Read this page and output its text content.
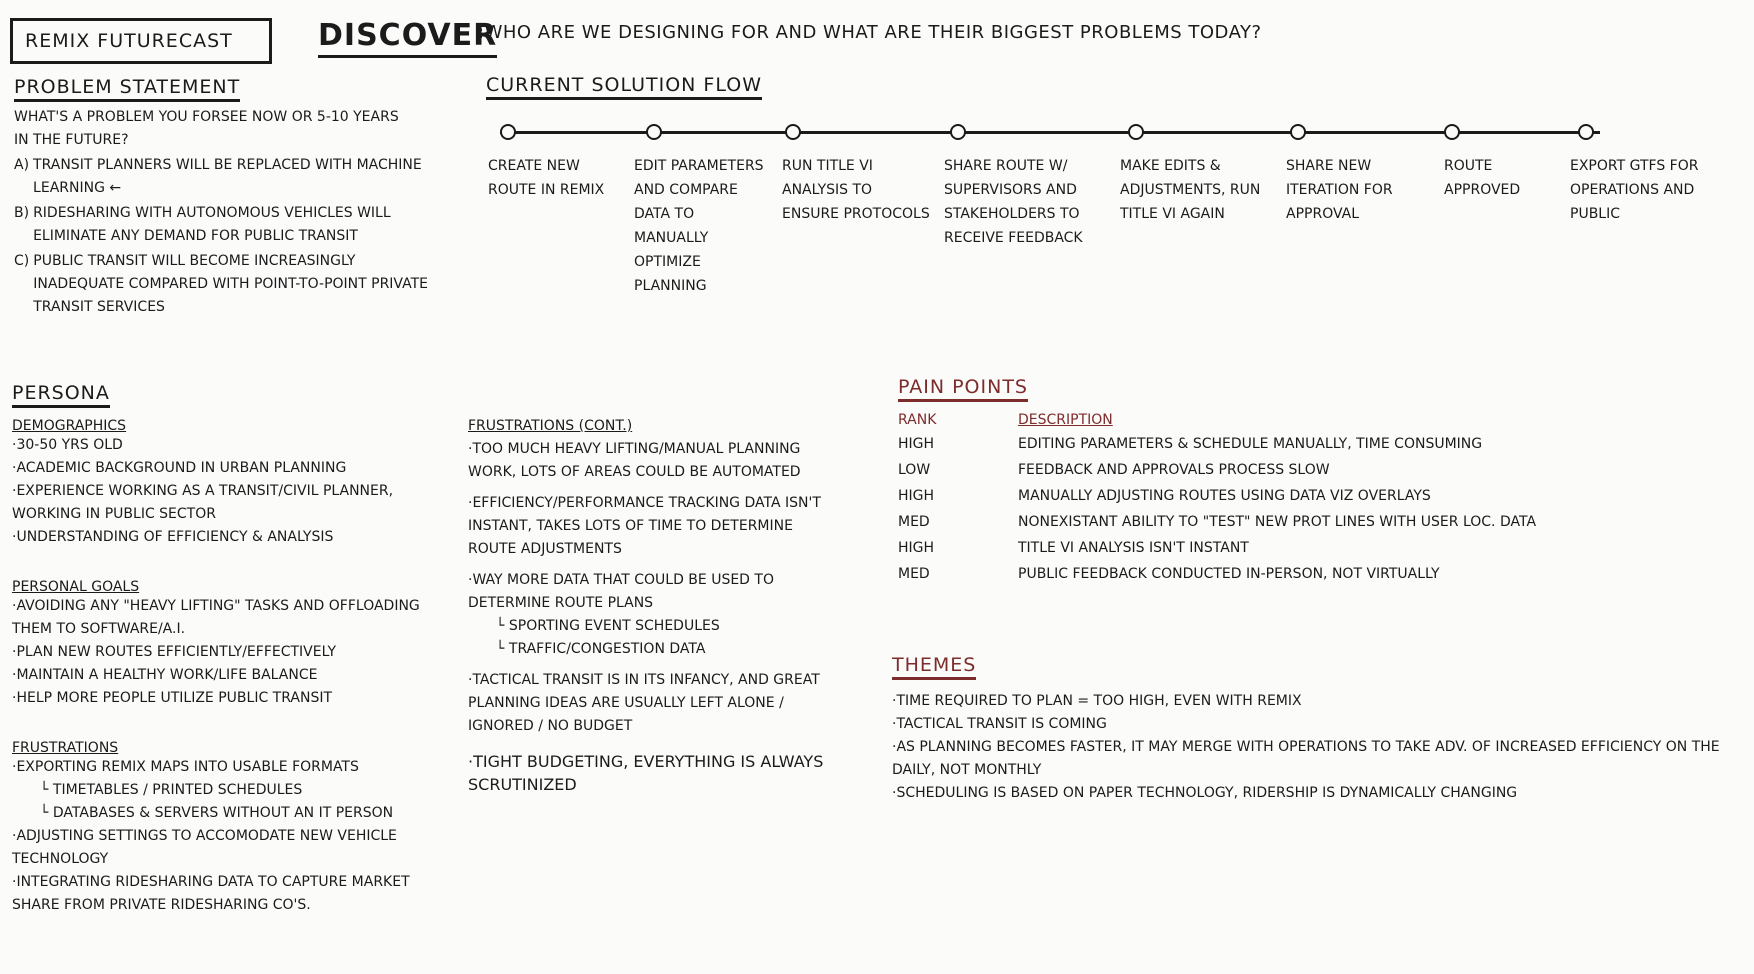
REMIX FUTURECAST	DISCOVER
:WHO ARE WE DESIGNING FOR AND WHAT ARE THEIR BIGGEST PROBLEMS TODAY?
PROBLEM STATEMENT
WHAT'S A PROBLEM YOU FORSEE NOW OR 5-10 YEARS IN THE FUTURE?
A) TRANSIT PLANNERS WILL BE REPLACED WITH MACHINE LEARNING ←
B) RIDESHARING WITH AUTONOMOUS VEHICLES WILL ELIMINATE ANY DEMAND FOR PUBLIC TRANSIT
C) PUBLIC TRANSIT WILL BECOME INCREASINGLY INADEQUATE COMPARED WITH POINT-TO-POINT PRIVATE TRANSIT SERVICES
CURRENT SOLUTION FLOW
CREATE NEW ROUTE IN REMIX
EDIT PARAMETERS AND COMPARE DATA TO MANUALLY OPTIMIZE PLANNING
RUN TITLE VI ANALYSIS TO ENSURE PROTOCOLS
SHARE ROUTE W/ SUPERVISORS AND STAKEHOLDERS TO RECEIVE FEEDBACK
MAKE EDITS & ADJUSTMENTS, RUN TITLE VI AGAIN
SHARE NEW ITERATION FOR APPROVAL
ROUTE APPROVED
EXPORT GTFS FOR OPERATIONS AND PUBLIC
PERSONA
DEMOGRAPHICS
·30-50 YRS OLD
·ACADEMIC BACKGROUND IN URBAN PLANNING
·EXPERIENCE WORKING AS A TRANSIT/CIVIL PLANNER, WORKING IN PUBLIC SECTOR
·UNDERSTANDING OF EFFICIENCY & ANALYSIS
PERSONAL GOALS
·AVOIDING ANY "HEAVY LIFTING" TASKS AND OFFLOADING THEM TO SOFTWARE/A.I.
·PLAN NEW ROUTES EFFICIENTLY/EFFECTIVELY
·MAINTAIN A HEALTHY WORK/LIFE BALANCE
·HELP MORE PEOPLE UTILIZE PUBLIC TRANSIT
FRUSTRATIONS
·EXPORTING REMIX MAPS INTO USABLE FORMATS
└ TIMETABLES / PRINTED SCHEDULES
└ DATABASES & SERVERS WITHOUT AN IT PERSON
·ADJUSTING SETTINGS TO ACCOMODATE NEW VEHICLE TECHNOLOGY
·INTEGRATING RIDESHARING DATA TO CAPTURE MARKET SHARE FROM PRIVATE RIDESHARING CO'S.
FRUSTRATIONS (CONT.)
·TOO MUCH HEAVY LIFTING/MANUAL PLANNING WORK, LOTS OF AREAS COULD BE AUTOMATED
·EFFICIENCY/PERFORMANCE TRACKING DATA ISN'T INSTANT, TAKES LOTS OF TIME TO DETERMINE ROUTE ADJUSTMENTS
·WAY MORE DATA THAT COULD BE USED TO DETERMINE ROUTE PLANS
└ SPORTING EVENT SCHEDULES
└ TRAFFIC/CONGESTION DATA
·TACTICAL TRANSIT IS IN ITS INFANCY, AND GREAT PLANNING IDEAS ARE USUALLY LEFT ALONE / IGNORED / NO BUDGET
·TIGHT BUDGETING, EVERYTHING IS ALWAYS SCRUTINIZED
PAIN POINTS
RANK	DESCRIPTION
HIGH	EDITING PARAMETERS & SCHEDULE MANUALLY, TIME CONSUMING
LOW	FEEDBACK AND APPROVALS PROCESS SLOW
HIGH	MANUALLY ADJUSTING ROUTES USING DATA VIZ OVERLAYS
MED	NONEXISTANT ABILITY TO "TEST" NEW PROT LINES WITH USER LOC. DATA
HIGH	TITLE VI ANALYSIS ISN'T INSTANT
MED	PUBLIC FEEDBACK CONDUCTED IN-PERSON, NOT VIRTUALLY
THEMES
·TIME REQUIRED TO PLAN = TOO HIGH, EVEN WITH REMIX
·TACTICAL TRANSIT IS COMING
·AS PLANNING BECOMES FASTER, IT MAY MERGE WITH OPERATIONS TO TAKE ADV. OF INCREASED EFFICIENCY ON THE DAILY, NOT MONTHLY
·SCHEDULING IS BASED ON PAPER TECHNOLOGY, RIDERSHIP IS DYNAMICALLY CHANGING
